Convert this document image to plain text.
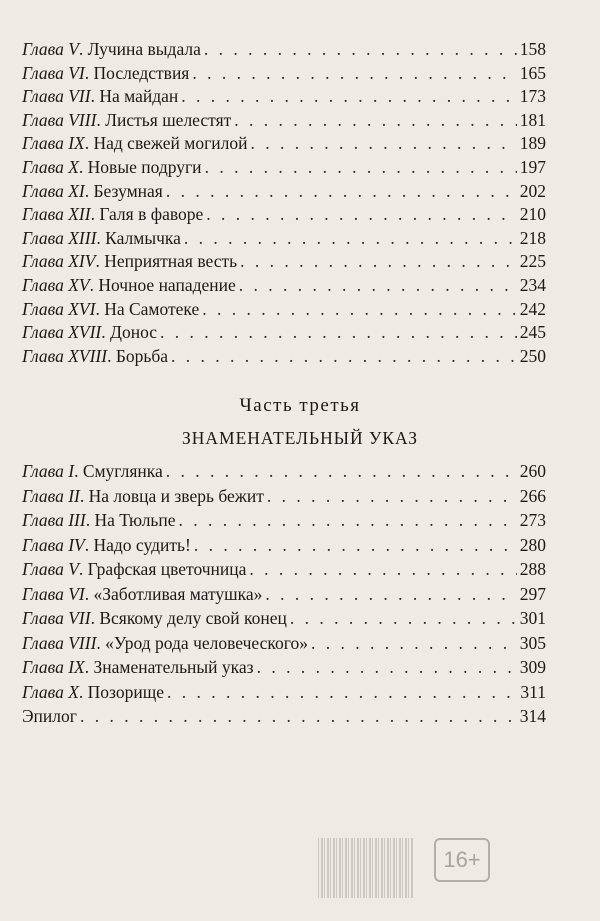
Глава V . Лучина выдала . . .	158
Глава VI . Последствия . . .	165
Глава VII . На майдан . . .	173
Глава VIII . Листья шелестят . . .	181
Глава IX . Над свежей могилой . . .	189
Глава X . Новые подруги . . .	197
Глава XI . Безумная . . .	202
Глава XII . Галя в фаворе . . .	210
Глава XIII . Калмычка . . .	218
Глава XIV . Неприятная весть . . .	225
Глава XV . Ночное нападение . . .	234
Глава XVI . На Самотеке . . .	242
Глава XVII . Донос . . .	245
Глава XVIII . Борьба . . .	250
Часть третья
ЗНАМЕНАТЕЛЬНЫЙ УКАЗ
Глава I . Смуглянка . . .	260
Глава II . На ловца и зверь бежит . . .	266
Глава III . На Тюльпе . . .	273
Глава IV . Надо судить! . . .	280
Глава V . Графская цветочница . . .	288
Глава VI . «Заботливая матушка» . . .	297
Глава VII . Всякому делу свой конец . . .	301
Глава VIII . «Урод рода человеческого» . . .	305
Глава IX . Знаменательный указ . . .	309
Глава X . Позорище . . .	311
Эпилог . . .	314
16+
